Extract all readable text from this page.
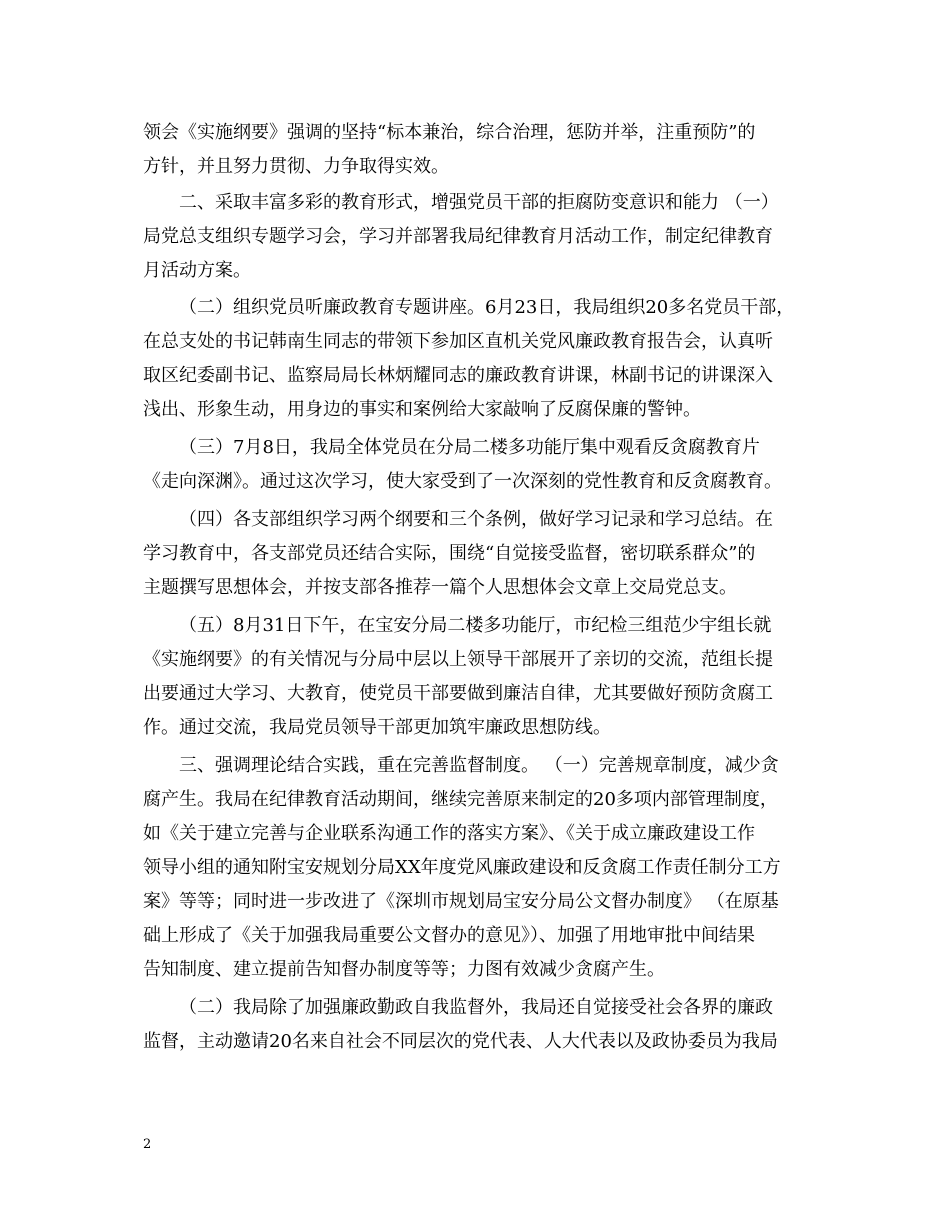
领会《实施纲要》强调的坚持“标本兼治，综合治理，惩防并举，注重预防”的
方针，并且努力贯彻、力争取得实效。
二、采取丰富多彩的教育形式，增强党员干部的拒腐防变意识和能力 （一）
局党总支组织专题学习会，学习并部署我局纪律教育月活动工作，制定纪律教育
月活动方案。
（二）组织党员听廉政教育专题讲座。6月23日，我局组织20多名党员干部，
在总支处的书记韩南生同志的带领下参加区直机关党风廉政教育报告会，认真听
取区纪委副书记、监察局局长林炳耀同志的廉政教育讲课，林副书记的讲课深入
浅出、形象生动，用身边的事实和案例给大家敲响了反腐保廉的警钟。
（三）7月8日，我局全体党员在分局二楼多功能厅集中观看反贪腐教育片
《走向深渊》。通过这次学习，使大家受到了一次深刻的党性教育和反贪腐教育。
（四）各支部组织学习两个纲要和三个条例，做好学习记录和学习总结。在
学习教育中，各支部党员还结合实际，围绕“自觉接受监督，密切联系群众”的
主题撰写思想体会，并按支部各推荐一篇个人思想体会文章上交局党总支。
（五）8月31日下午，在宝安分局二楼多功能厅，市纪检三组范少宇组长就
《实施纲要》的有关情况与分局中层以上领导干部展开了亲切的交流，范组长提
出要通过大学习、大教育，使党员干部要做到廉洁自律，尤其要做好预防贪腐工
作。通过交流，我局党员领导干部更加筑牢廉政思想防线。
三、强调理论结合实践，重在完善监督制度。 （一）完善规章制度，减少贪
腐产生。我局在纪律教育活动期间，继续完善原来制定的20多项内部管理制度，
如《关于建立完善与企业联系沟通工作的落实方案》、《关于成立廉政建设工作
领导小组的通知附宝安规划分局XX年度党风廉政建设和反贪腐工作责任制分工方
案》等等；同时进一步改进了《深圳市规划局宝安分局公文督办制度》 （在原基
础上形成了《关于加强我局重要公文督办的意见》）、加强了用地审批中间结果
告知制度、建立提前告知督办制度等等；力图有效减少贪腐产生。
（二）我局除了加强廉政勤政自我监督外，我局还自觉接受社会各界的廉政
监督，主动邀请20名来自社会不同层次的党代表、人大代表以及政协委员为我局
2
